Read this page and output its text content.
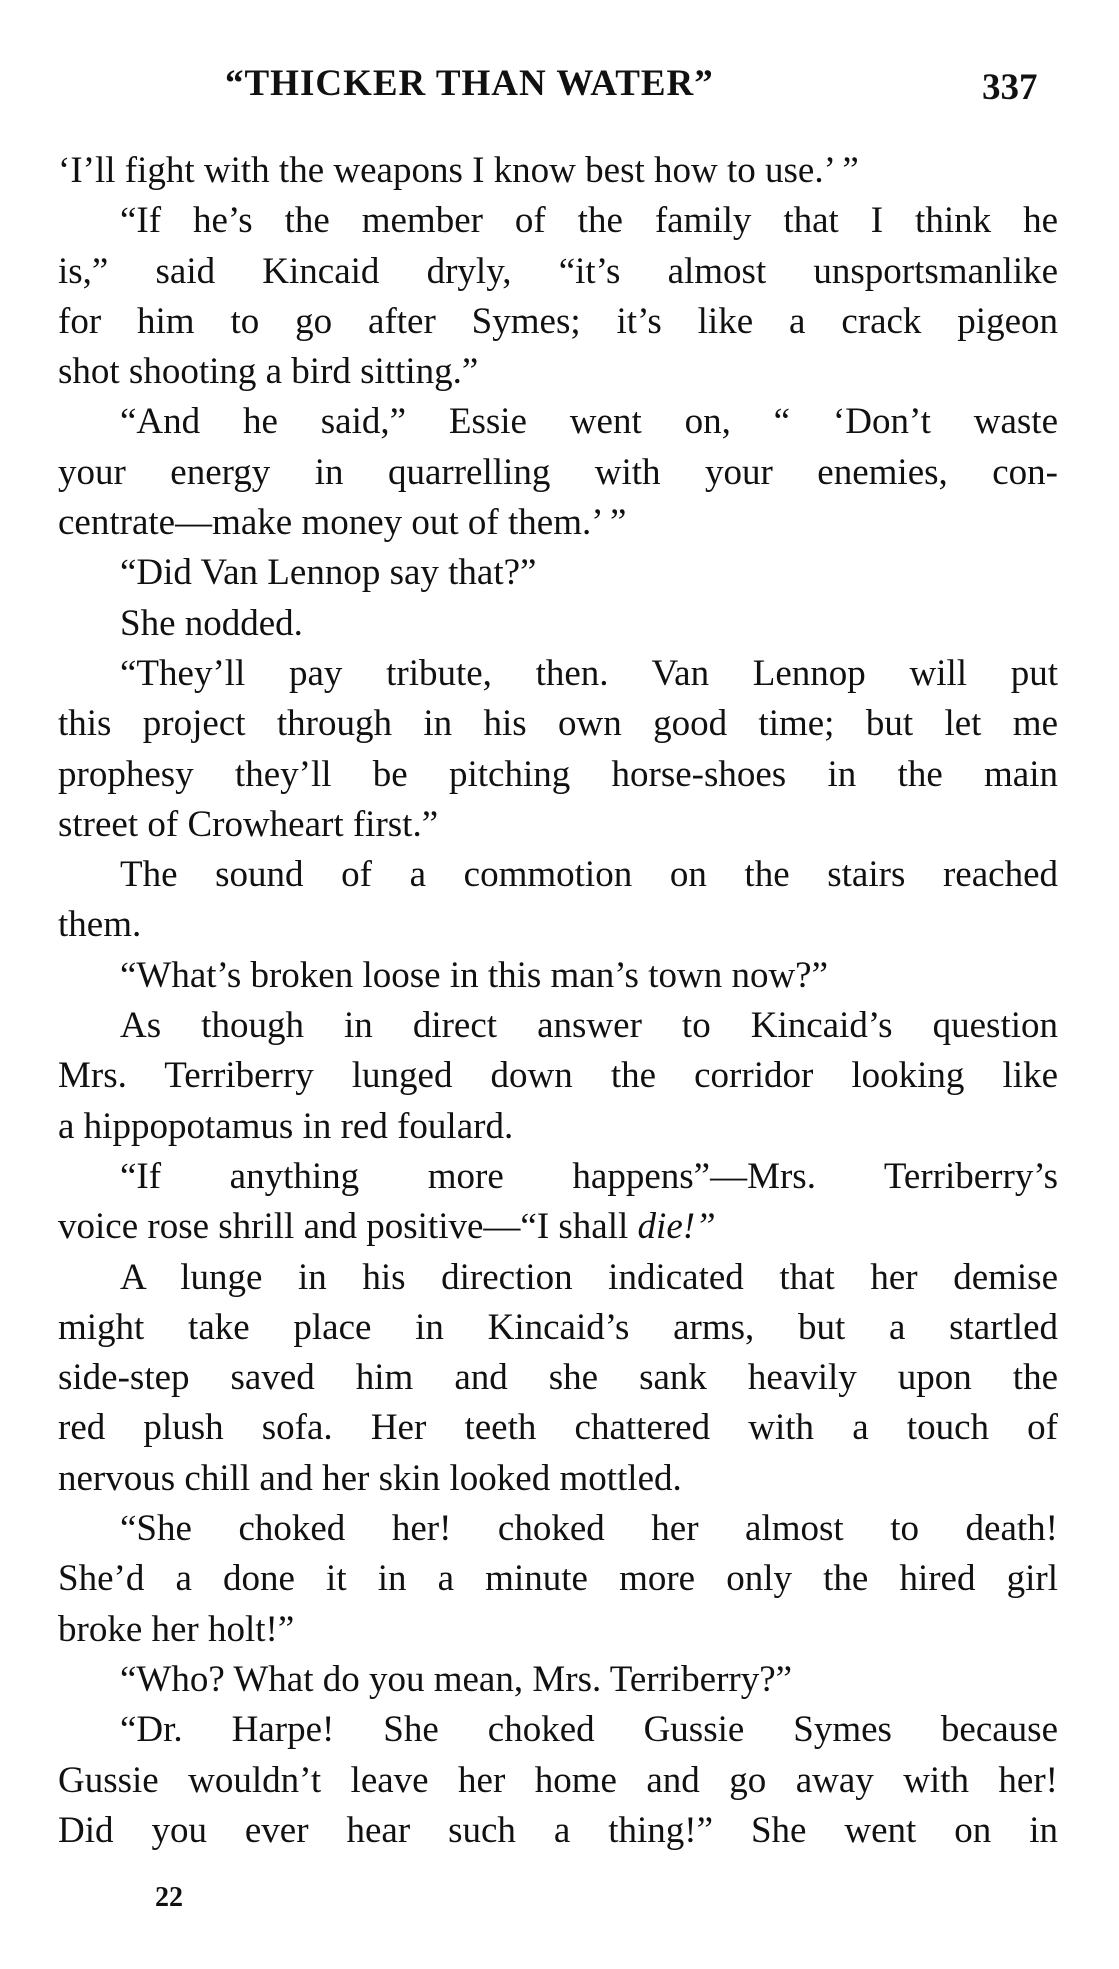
“THICKER THAN WATER”	337
‘I’ll fight with the weapons I know best how to use.’ ”
“If he’s the member of the family that I think he
is,” said Kincaid dryly, “it’s almost unsportsmanlike
for him to go after Symes; it’s like a crack pigeon
shot shooting a bird sitting.”
“And he said,” Essie went on, “ ‘Don’t waste
your energy in quarrelling with your enemies, con-
centrate—make money out of them.’ ”
“Did Van Lennop say that?”
She nodded.
“They’ll pay tribute, then. Van Lennop will put
this project through in his own good time; but let me
prophesy they’ll be pitching horse-shoes in the main
street of Crowheart first.”
The sound of a commotion on the stairs reached
them.
“What’s broken loose in this man’s town now?”
As though in direct answer to Kincaid’s question
Mrs. Terriberry lunged down the corridor looking like
a hippopotamus in red foulard.
“If anything more happens”—Mrs. Terriberry’s
voice rose shrill and positive—“I shall die!”
A lunge in his direction indicated that her demise
might take place in Kincaid’s arms, but a startled
side-step saved him and she sank heavily upon the
red plush sofa. Her teeth chattered with a touch of
nervous chill and her skin looked mottled.
“She choked her! choked her almost to death!
She’d a done it in a minute more only the hired girl
broke her holt!”
“Who? What do you mean, Mrs. Terriberry?”
“Dr. Harpe! She choked Gussie Symes because
Gussie wouldn’t leave her home and go away with her!
Did you ever hear such a thing!” She went on in
22
